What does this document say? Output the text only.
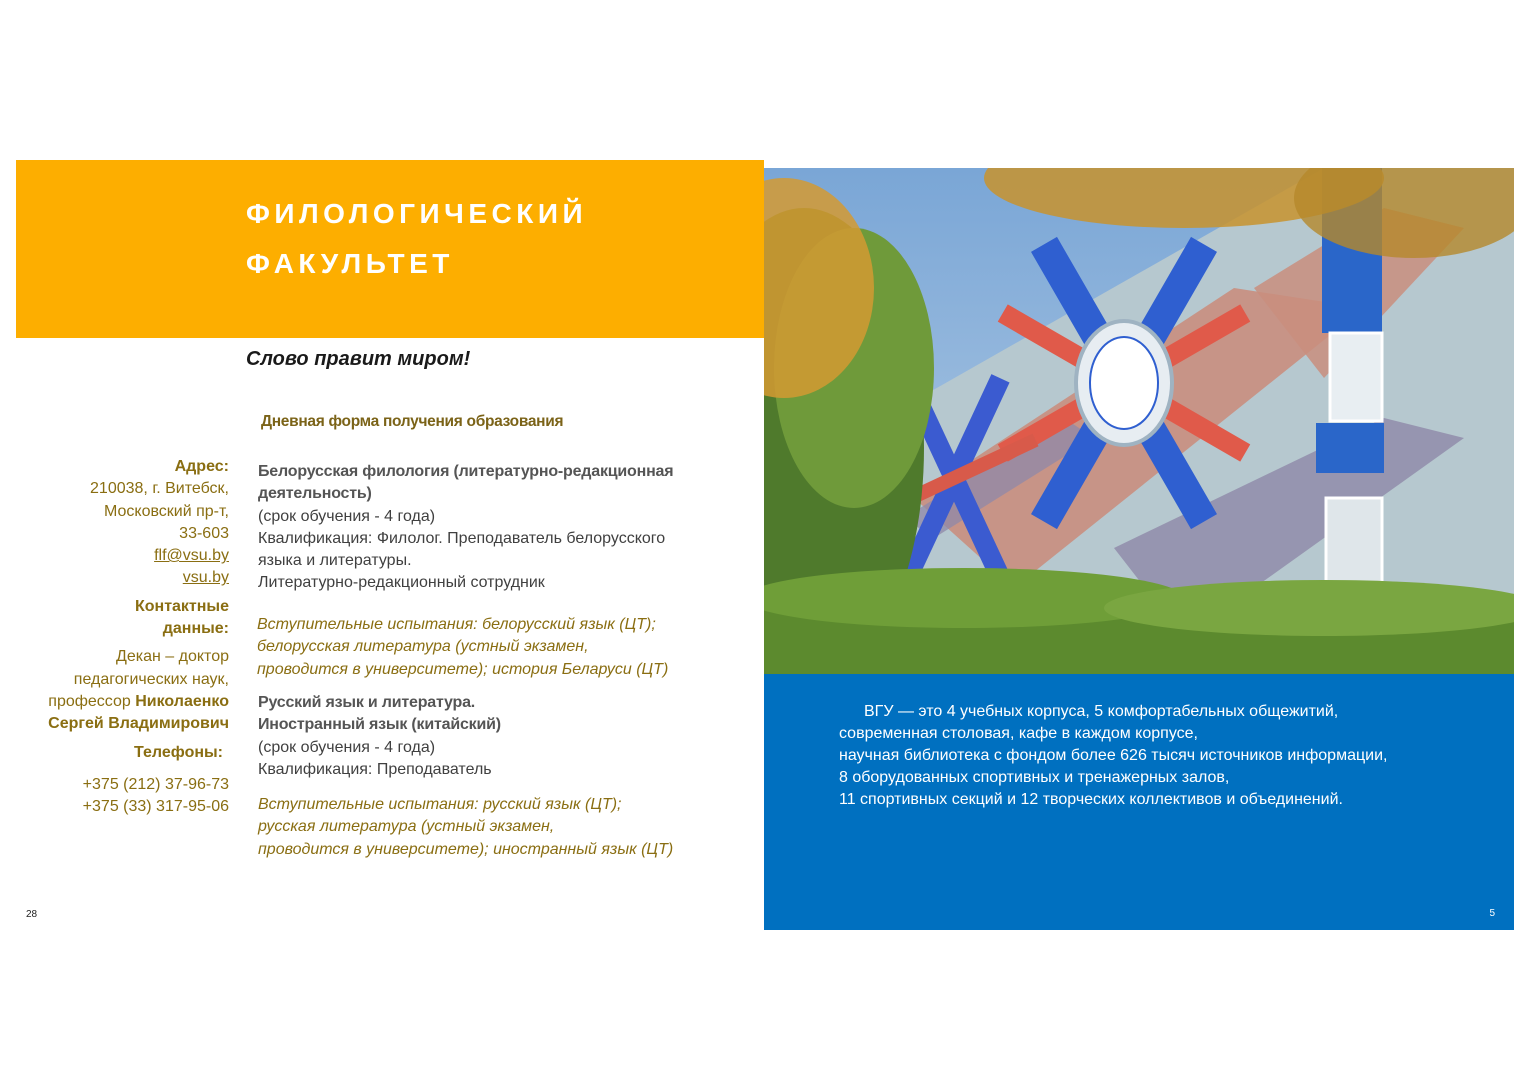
ФИЛОЛОГИЧЕСКИЙ
ФАКУЛЬТЕТ
Слово правит миром!
Дневная форма получения образования
Адрес:
210038, г. Витебск,
Московский пр-т,
33-603
flf@vsu.by
vsu.by
Контактные
данные:
Декан – доктор
педагогических наук,
профессор Николаенко
Сергей Владимирович
Телефоны:
+375 (212) 37-96-73
+375 (33) 317-95-06
Белорусская филология (литературно-редакционная
деятельность)
(срок обучения - 4 года)
Квалификация: Филолог. Преподаватель белорусского
языка и литературы.
Литературно-редакционный сотрудник
Вступительные испытания: белорусский язык (ЦТ);
белорусская литература (устный экзамен,
проводится в университете); история Беларуси (ЦТ)
Русский язык и литература.
Иностранный язык (китайский)
(срок обучения - 4 года)
Квалификация: Преподаватель
Вступительные испытания: русский язык (ЦТ);
русская литература (устный экзамен,
проводится в университете); иностранный язык (ЦТ)
ВГУ — это 4 учебных корпуса, 5 комфортабельных общежитий,
современная столовая, кафе в каждом корпусе,
научная библиотека с фондом более 626 тысяч источников информации,
8 оборудованных спортивных и тренажерных залов,
11 спортивных секций и 12 творческих коллективов и объединений.
5
28
